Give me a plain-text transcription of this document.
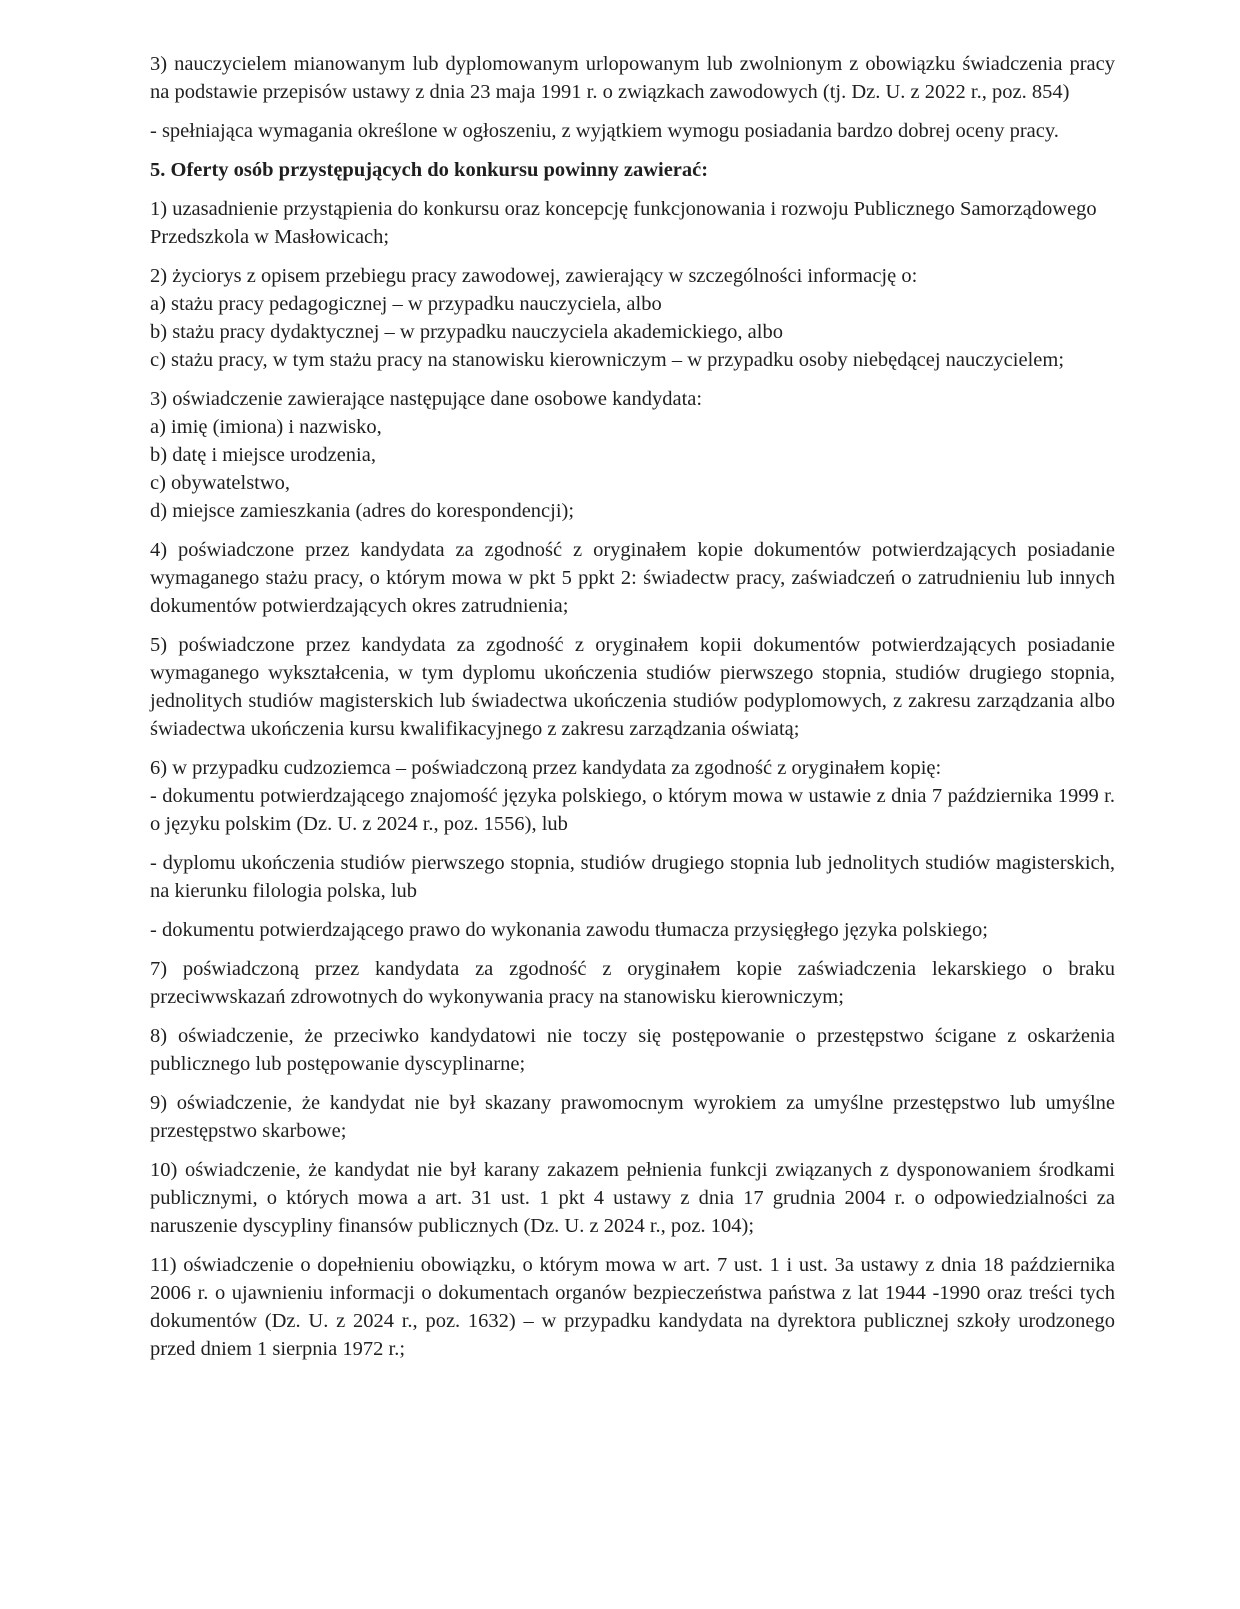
3) nauczycielem mianowanym lub dyplomowanym urlopowanym lub zwolnionym z obowiązku świadczenia pracy na podstawie przepisów ustawy z dnia 23 maja 1991 r. o związkach zawodowych (tj. Dz. U. z 2022 r., poz. 854)

- spełniająca wymagania określone w ogłoszeniu, z wyjątkiem wymogu posiadania bardzo dobrej oceny pracy.

5. Oferty osób przystępujących do konkursu powinny zawierać:

1) uzasadnienie przystąpienia do konkursu oraz koncepcję funkcjonowania i rozwoju Publicznego Samorządowego Przedszkola w Masłowicach;

2) życiorys z opisem przebiegu pracy zawodowej, zawierający w szczególności informację o:
a) stażu pracy pedagogicznej – w przypadku nauczyciela, albo
b) stażu pracy dydaktycznej – w przypadku nauczyciela akademickiego, albo
c) stażu pracy, w tym stażu pracy na stanowisku kierowniczym – w przypadku osoby niebędącej nauczycielem;
3) oświadczenie zawierające następujące dane osobowe kandydata:
a) imię (imiona) i nazwisko,
b) datę i miejsce urodzenia,
c) obywatelstwo,
d) miejsce zamieszkania (adres do korespondencji);

4) poświadczone przez kandydata za zgodność z oryginałem kopie dokumentów potwierdzających posiadanie wymaganego stażu pracy, o którym mowa w pkt 5 ppkt 2: świadectw pracy, zaświadczeń o zatrudnieniu lub innych dokumentów potwierdzających okres zatrudnienia;

5) poświadczone przez kandydata za zgodność z oryginałem kopii dokumentów potwierdzających posiadanie wymaganego wykształcenia, w tym dyplomu ukończenia studiów pierwszego stopnia, studiów drugiego stopnia, jednolitych studiów magisterskich lub świadectwa ukończenia studiów podyplomowych, z zakresu zarządzania albo świadectwa ukończenia kursu kwalifikacyjnego z zakresu zarządzania oświatą;

6) w przypadku cudzoziemca – poświadczoną przez kandydata za zgodność z oryginałem kopię:
- dokumentu potwierdzającego znajomość języka polskiego, o którym mowa w ustawie z dnia 7 października 1999 r. o języku polskim (Dz. U. z 2024 r., poz. 1556), lub

- dyplomu ukończenia studiów pierwszego stopnia, studiów drugiego stopnia lub jednolitych studiów magisterskich, na kierunku filologia polska, lub

- dokumentu potwierdzającego prawo do wykonania zawodu tłumacza przysięgłego języka polskiego;

7) poświadczoną przez kandydata za zgodność z oryginałem kopie zaświadczenia lekarskiego o braku przeciwwskazań zdrowotnych do wykonywania pracy na stanowisku kierowniczym;

8) oświadczenie, że przeciwko kandydatowi nie toczy się postępowanie o przestępstwo ścigane z oskarżenia publicznego lub postępowanie dyscyplinarne;

9) oświadczenie, że kandydat nie był skazany prawomocnym wyrokiem za umyślne przestępstwo lub umyślne przestępstwo skarbowe;

10) oświadczenie, że kandydat nie był karany zakazem pełnienia funkcji związanych z dysponowaniem środkami publicznymi, o których mowa a art. 31 ust. 1 pkt 4 ustawy z dnia 17 grudnia 2004 r. o odpowiedzialności za naruszenie dyscypliny finansów publicznych (Dz. U. z 2024 r., poz. 104);

11) oświadczenie o dopełnieniu obowiązku, o którym mowa w art. 7 ust. 1 i ust. 3a ustawy z dnia 18 października 2006 r. o ujawnieniu informacji o dokumentach organów bezpieczeństwa państwa z lat 1944 -1990 oraz treści tych dokumentów (Dz. U. z 2024 r., poz. 1632) – w przypadku kandydata na dyrektora publicznej szkoły urodzonego przed dniem 1 sierpnia 1972 r.;
